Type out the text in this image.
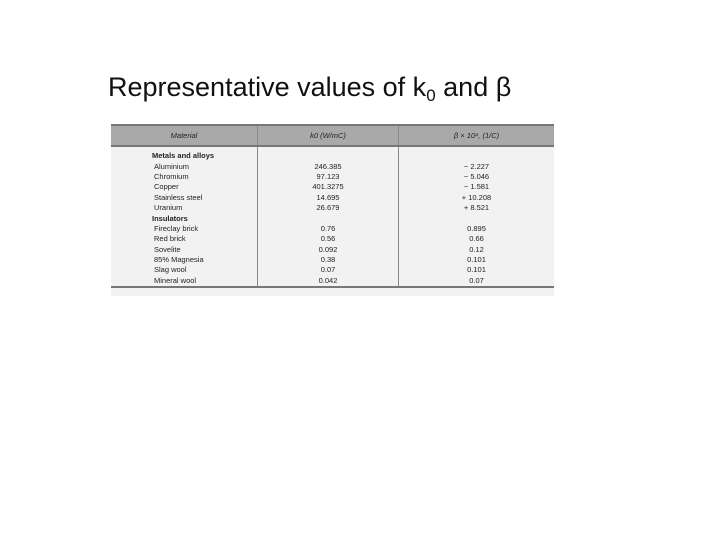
Representative values of $k_0$ and β
Material	k0 (W/mC)	β × 10⁴, (1/C)

Metals and alloys		
Aluminium	246.385	− 2.227
Chromium	97.123	− 5.046
Copper	401.3275	− 1.581
Stainless steel	14.695	+ 10.208
Uranium	26.679	+ 8.521
Insulators		
Fireclay brick	0.76	0.895
Red brick	0.56	0.66
Sovelite	0.092	0.12
85% Magnesia	0.38	0.101
Slag wool	0.07	0.101
Mineral wool	0.042	0.07
